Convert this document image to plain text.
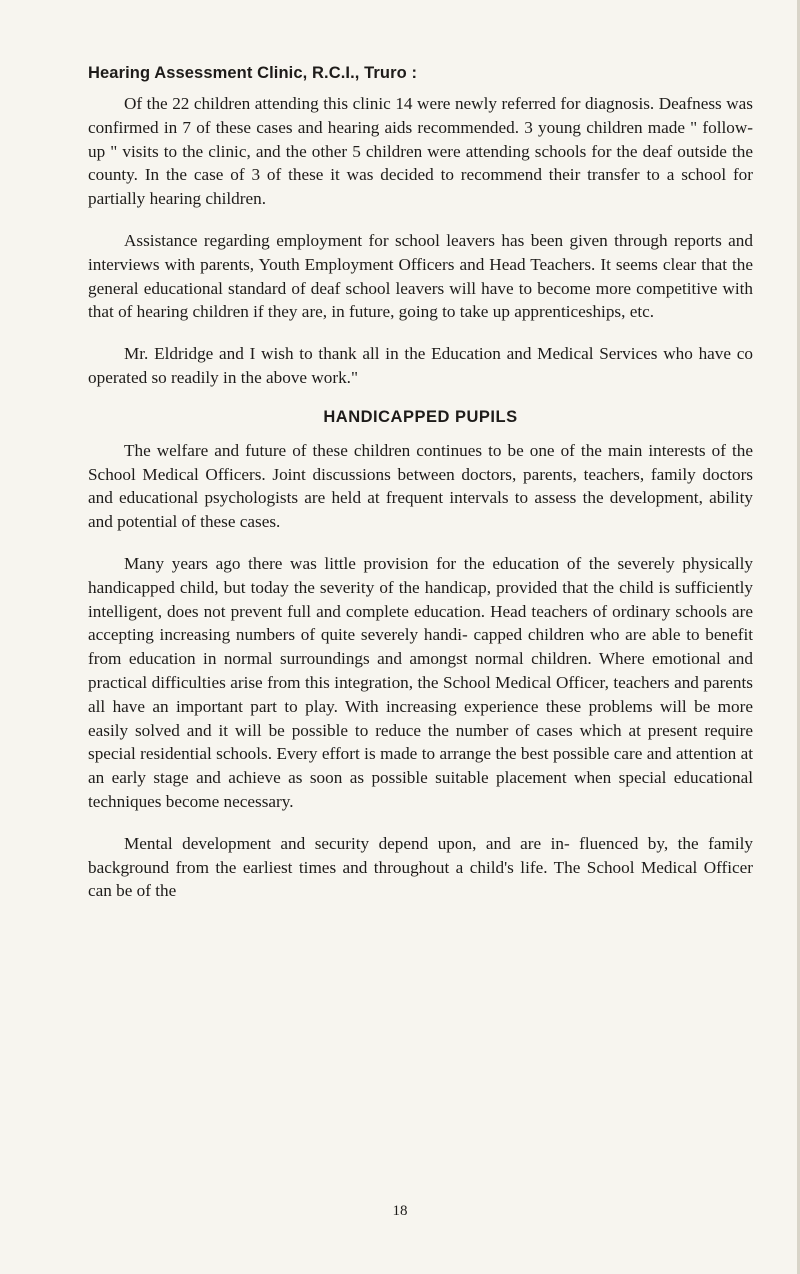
Hearing Assessment Clinic, R.C.I., Truro :

Of the 22 children attending this clinic 14 were newly referred for diagnosis. Deafness was confirmed in 7 of these cases and hearing aids recommended. 3 young children made " follow-up " visits to the clinic, and the other 5 children were attending schools for the deaf outside the county. In the case of 3 of these it was decided to recommend their transfer to a school for partially hearing children.

Assistance regarding employment for school leavers has been given through reports and interviews with parents, Youth Employment Officers and Head Teachers. It seems clear that the general educational standard of deaf school leavers will have to become more competitive with that of hearing children if they are, in future, going to take up apprenticeships, etc.

Mr. Eldridge and I wish to thank all in the Education and Medical Services who have co operated so readily in the above work."

HANDICAPPED PUPILS

The welfare and future of these children continues to be one of the main interests of the School Medical Officers. Joint discussions between doctors, parents, teachers, family doctors and educational psychologists are held at frequent intervals to assess the development, ability and potential of these cases.

Many years ago there was little provision for the education of the severely physically handicapped child, but today the severity of the handicap, provided that the child is sufficiently intelligent, does not prevent full and complete education. Head teachers of ordinary schools are accepting increasing numbers of quite severely handi- capped children who are able to benefit from education in normal surroundings and amongst normal children. Where emotional and practical difficulties arise from this integration, the School Medical Officer, teachers and parents all have an important part to play. With increasing experience these problems will be more easily solved and it will be possible to reduce the number of cases which at present require special residential schools. Every effort is made to arrange the best possible care and attention at an early stage and achieve as soon as possible suitable placement when special educational techniques become necessary.

Mental development and security depend upon, and are in- fluenced by, the family background from the earliest times and throughout a child's life. The School Medical Officer can be of the

18
